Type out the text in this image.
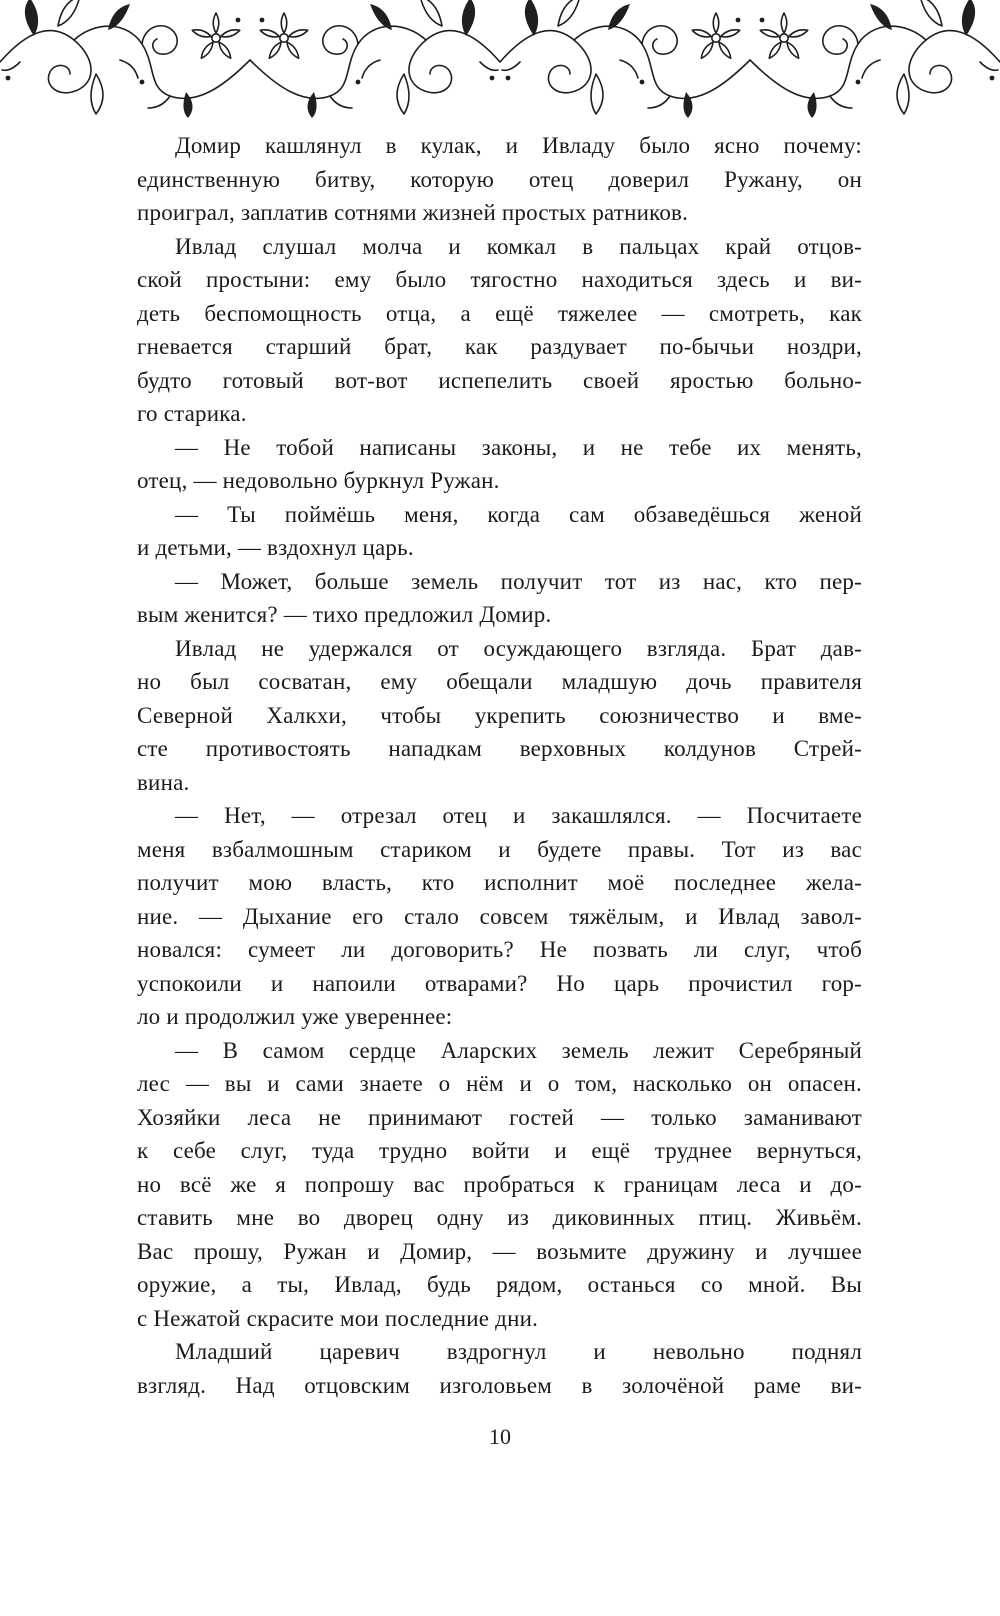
Домир кашлянул в кулак, и Ивладу было ясно почему:
единственную битву, которую отец доверил Ружану, он
проиграл, заплатив сотнями жизней простых ратников.
Ивлад слушал молча и комкал в пальцах край отцов-
ской простыни: ему было тягостно находиться здесь и ви-
деть беспомощность отца, а ещё тяжелее — смотреть, как
гневается старший брат, как раздувает по-бычьи ноздри,
будто готовый вот-вот испепелить своей яростью больно-
го старика.
— Не тобой написаны законы, и не тебе их менять,
отец, — недовольно буркнул Ружан.
— Ты поймёшь меня, когда сам обзаведёшься женой
и детьми, — вздохнул царь.
— Может, больше земель получит тот из нас, кто пер-
вым женится? — тихо предложил Домир.
Ивлад не удержался от осуждающего взгляда. Брат дав-
но был сосватан, ему обещали младшую дочь правителя
Северной Халкхи, чтобы укрепить союзничество и вме-
сте противостоять нападкам верховных колдунов Стрей-
вина.
— Нет, — отрезал отец и закашлялся. — Посчитаете
меня взбалмошным стариком и будете правы. Тот из вас
получит мою власть, кто исполнит моё последнее жела-
ние. — Дыхание его стало совсем тяжёлым, и Ивлад завол-
новался: сумеет ли договорить? Не позвать ли слуг, чтоб
успокоили и напоили отварами? Но царь прочистил гор-
ло и продолжил уже увереннее:
— В самом сердце Аларских земель лежит Серебряный
лес — вы и сами знаете о нём и о том, насколько он опасен.
Хозяйки леса не принимают гостей — только заманивают
к себе слуг, туда трудно войти и ещё труднее вернуться,
но всё же я попрошу вас пробраться к границам леса и до-
ставить мне во дворец одну из диковинных птиц. Живьём.
Вас прошу, Ружан и Домир, — возьмите дружину и лучшее
оружие, а ты, Ивлад, будь рядом, останься со мной. Вы
с Нежатой скрасите мои последние дни.
Младший царевич вздрогнул и невольно поднял
взгляд. Над отцовским изголовьем в золочёной раме ви-
10
